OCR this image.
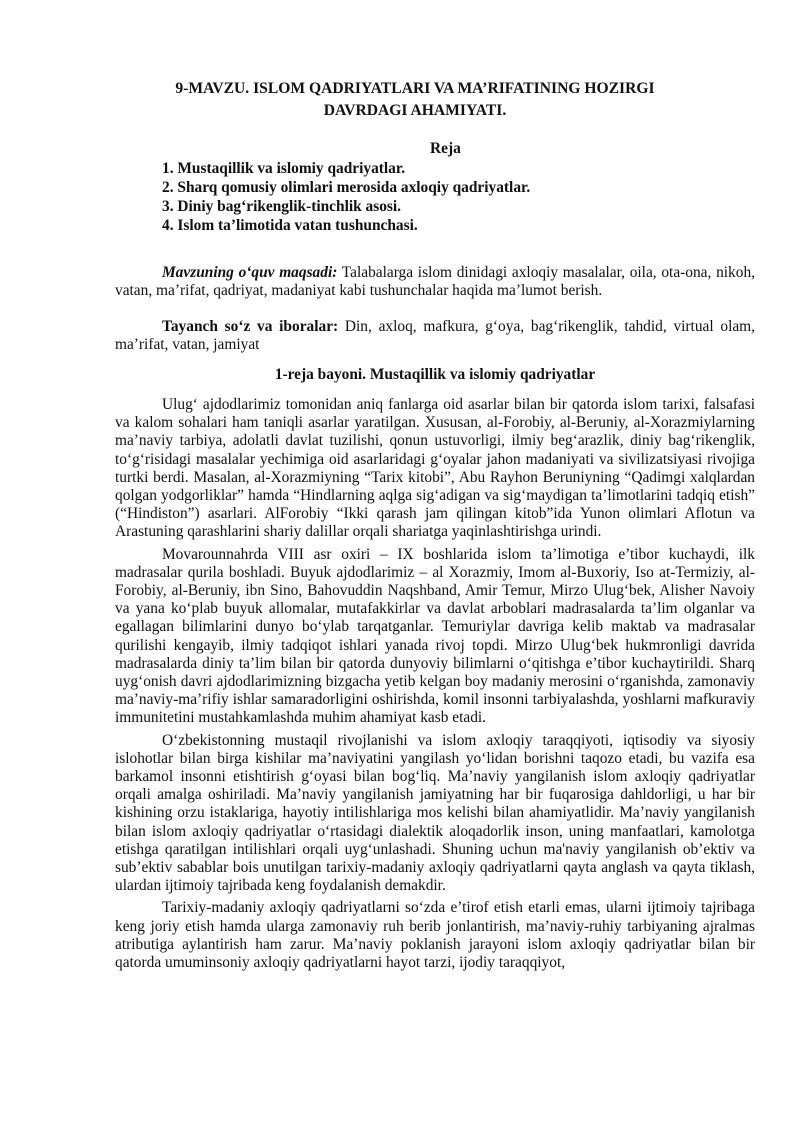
9-MAVZU. ISLOM QADRIYATLARI VA MA’RIFATINING HOZIRGI
DAVRDAGI AHAMIYATI.
Reja
1. Mustaqillik va islomiy qadriyatlar.
2. Sharq qomusiy olimlari merosida axloqiy qadriyatlar.
3. Diniy bag‘rikenglik-tinchlik asosi.
4. Islom ta’limotida vatan tushunchasi.
Mavzuning o‘quv maqsadi: Talabalarga islom dinidagi axloqiy masalalar, oila, ota-ona, nikoh, vatan, ma’rifat, qadriyat, madaniyat kabi tushunchalar haqida ma’lumot berish.
Tayanch so‘z va iboralar: Din, axloq, mafkura, g‘oya, bag‘rikenglik, tahdid, virtual olam, ma’rifat, vatan, jamiyat
1-reja bayoni. Mustaqillik va islomiy qadriyatlar

Ulug‘ ajdodlarimiz tomonidan aniq fanlarga oid asarlar bilan bir qatorda islom tarixi, falsafasi va kalom sohalari ham taniqli asarlar yaratilgan. Xususan, al-Forobiy, al-Beruniy, al-Xorazmiylarning ma’naviy tarbiya, adolatli davlat tuzilishi, qonun ustuvorligi, ilmiy beg‘arazlik, diniy bag‘rikenglik, to‘g‘risidagi masalalar yechimiga oid asarlaridagi g‘oyalar jahon madaniyati va sivilizatsiyasi rivojiga turtki berdi. Masalan, al-Xorazmiyning “Tarix kitobi”, Abu Rayhon Beruniyning “Qadimgi xalqlardan qolgan yodgorliklar” hamda “Hindlarning aqlga sig‘adigan va sig‘maydigan ta’limotlarini tadqiq etish” (“Hindiston”) asarlari. AlForobiy “Ikki qarash jam qilingan kitob”ida Yunon olimlari Aflotun va Arastuning qarashlarini shariy dalillar orqali shariatga yaqinlashtirishga urindi.

Movarounnahrda VIII asr oxiri – IX boshlarida islom ta’limotiga e’tibor kuchaydi, ilk madrasalar qurila boshladi. Buyuk ajdodlarimiz – al Xorazmiy, Imom al-Buxoriy, Iso at-Termiziy, al-Forobiy, al-Beruniy, ibn Sino, Bahovuddin Naqshband, Amir Temur, Mirzo Ulug‘bek, Alisher Navoiy va yana ko‘plab buyuk allomalar, mutafakkirlar va davlat arboblari madrasalarda ta’lim olganlar va egallagan bilimlarini dunyo bo‘ylab tarqatganlar. Temuriylar davriga kelib maktab va madrasalar qurilishi kengayib, ilmiy tadqiqot ishlari yanada rivoj topdi. Mirzo Ulug‘bek hukmronligi davrida madrasalarda diniy ta’lim bilan bir qatorda dunyoviy bilimlarni o‘qitishga e’tibor kuchaytirildi. Sharq uyg‘onish davri ajdodlarimizning bizgacha yetib kelgan boy madaniy merosini o‘rganishda, zamonaviy ma’naviy-ma’rifiy ishlar samaradorligini oshirishda, komil insonni tarbiyalashda, yoshlarni mafkuraviy immunitetini mustahkamlashda muhim ahamiyat kasb etadi.

O‘zbekistonning mustaqil rivojlanishi va islom axloqiy taraqqiyoti, iqtisodiy va siyosiy islohotlar bilan birga kishilar ma’naviyatini yangilash yo‘lidan borishni taqozo etadi, bu vazifa esa barkamol insonni etishtirish g‘oyasi bilan bog‘liq. Ma’naviy yangilanish islom axloqiy qadriyatlar orqali amalga oshiriladi. Ma’naviy yangilanish jamiyatning har bir fuqarosiga dahldorligi, u har bir kishining orzu istaklariga, hayotiy intilishlariga mos kelishi bilan ahamiyatlidir. Ma’naviy yangilanish bilan islom axloqiy qadriyatlar o‘rtasidagi dialektik aloqadorlik inson, uning manfaatlari, kamolotga etishga qaratilgan intilishlari orqali uyg‘unlashadi. Shuning uchun ma'naviy yangilanish ob’ektiv va sub’ektiv sabablar bois unutilgan tarixiy-madaniy axloqiy qadriyatlarni qayta anglash va qayta tiklash, ulardan ijtimoiy tajribada keng foydalanish demakdir.

Tarixiy-madaniy axloqiy qadriyatlarni so‘zda e’tirof etish etarli emas, ularni ijtimoiy tajribaga keng joriy etish hamda ularga zamonaviy ruh berib jonlantirish, ma’naviy-ruhiy tarbiyaning ajralmas atributiga aylantirish ham zarur. Ma’naviy poklanish jarayoni islom axloqiy qadriyatlar bilan bir qatorda umuminsoniy axloqiy qadriyatlarni hayot tarzi, ijodiy taraqqiyot,
